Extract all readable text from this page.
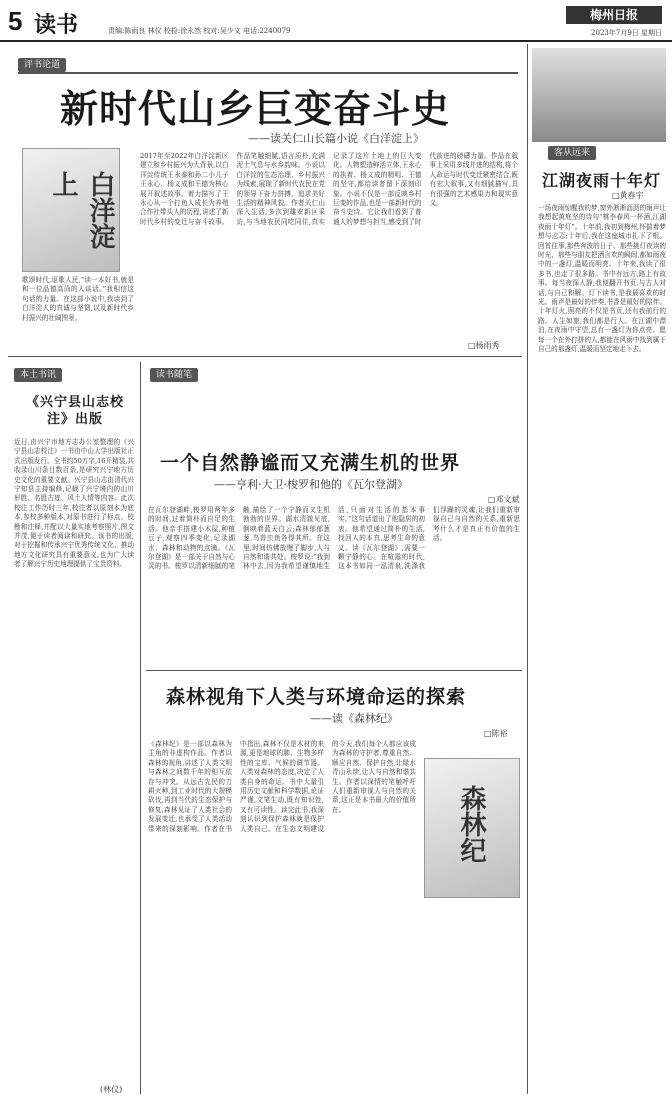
5 读书	责编:陈雨良 林仪 校检:徐永然 校对:吴少文 电话:2240079
梅州日报
2023年7月9日 星期日
评书论道
新时代山乡巨变奋斗史
——读关仁山长篇小说《白洋淀上》
白洋淀上
歌颂时代,讴歌人民,“读一本好书,就是和一位品德高尚的人谈话。”我相信这句话的力量。在这部小说中,我读到了白洋淀人的真诚与坚韧,以及新时代乡村振兴的壮阔图景。
2017年至2022年白洋淀新区建立和乡村振兴为大背景,以白洋淀传统王永泰和孙二小儿子王永心、杨义成和王德为核心展开叙述故事。着力描写了王永心从一个打鱼人成长为养殖合作社带头人的历程,讲述了新时代乡村的变迁与奋斗故事。作品笔触细腻,语言质朴,充满泥土气息与水乡韵味。小说以白洋淀的生态治理、乡村振兴为线索,展现了新时代农民在党的领导下奋力拼搏、追求美好生活的精神风貌。作者关仁山深入生活,多次到雄安新区采访,与当地农民同吃同住,真实记录了这片土地上的巨大变化。人物塑造鲜活立体,王永心的执着、杨义成的精明、王德的坚守,都给读者留下深刻印象。小说不仅是一部反映乡村巨变的作品,也是一部新时代的奋斗史诗。它让我们看到了普通人的梦想与担当,感受到了时代前进的磅礴力量。作品在叙事上采用多线并进的结构,将个人命运与时代变迁紧密结合,既有宏大叙事,又有细腻描写,具有很强的艺术感染力和现实意义。
□杨雨秀
客从远来
江湖夜雨十年灯
□黄春宇
一场夜雨惊醒我的梦,窗外淅淅沥沥的雨声让我想起黄庭坚的诗句“桃李春风一杯酒,江湖夜雨十年灯”。十年前,我初到梅州,怀揣着梦想与忐忑;十年后,我在这座城市扎下了根。回首往事,那些奔波的日子、那些挑灯夜读的时光、那些与朋友把酒言欢的瞬间,都如雨夜中的一盏灯,温暖而明亮。十年来,我读了很多书,也走了很多路。书中有远方,路上有故事。每当夜深人静,我便翻开书页,与古人对话,与自己和解。灯下读书,是我最喜欢的时光。雨声是最好的伴奏,书香是最好的陪伴。十年灯火,照亮的不仅是书页,还有我前行的路。人生如旅,我们都是行人。在江湖中漂泊,在夜雨中守望,总有一盏灯为你点亮。愿每一个在外打拼的人,都能在风雨中找到属于自己的那盏灯,温暖而坚定地走下去。
本土书讯
《兴宁县山志校注》出版
近日,由兴宁市地方志办公室整理的《兴宁县山志校注》一书由中山大学出版社正式出版发行。全书约50万字,16开精装,共收录山川条目数百条,是研究兴宁地方历史文化的重要文献。兴宁县山志由清代兴宁知县主持编修,记载了兴宁境内的山川形胜、名胜古迹、风土人情等内容。此次校注工作历时三年,校注者以原刻本为底本,参校多种版本,对原书进行了标点、校勘和注释,并配以大量实地考察照片,图文并茂,便于读者阅读和研究。该书的出版,对于挖掘和传承兴宁优秀传统文化、推动地方文化研究具有重要意义,也为广大读者了解兴宁历史地理提供了宝贵资料。
(林仪)
读书随笔
一个自然静谧而又充满生机的世界
——亨利·大卫·梭罗和他的《瓦尔登湖》
□邓文斌
在瓦尔登湖畔,梭罗用两年多的时间,过着简朴而自足的生活。他亲手搭建小木屋,种植豆子,观察四季变化,记录湖水、森林和动物的点滴。《瓦尔登湖》是一部关于自然与心灵的书。梭罗以清新细腻的笔触,描绘了一个宁静而又生机勃勃的世界。湖水清澈见底,倒映着蓝天白云;森林郁郁葱葱,鸟兽虫鱼各得其所。在这里,时间仿佛放慢了脚步,人与自然和谐共处。梭罗说:“我到林中去,因为我希望谨慎地生活,只面对生活的基本事实。”这句话道出了他隐居的初衷。他希望通过简朴的生活,找回人的本真,思考生命的意义。读《瓦尔登湖》,需要一颗宁静的心。在喧嚣的时代,这本书如同一泓清泉,洗涤我们浮躁的灵魂,让我们重新审视自己与自然的关系,重新思考什么才是真正有价值的生活。
森林视角下人类与环境命运的探索
——读《森林纪》
□陈裕
《森林纪》是一部以森林为主角的非虚构作品。作者以森林的视角,讲述了人类文明与森林之间数千年的相互依存与冲突。从远古先民的刀耕火种,到工业时代的大规模砍伐,再到当代的生态保护与修复,森林见证了人类社会的发展变迁,也承受了人类活动带来的深刻影响。作者在书中指出,森林不仅是木材的来源,更是地球的肺、生物多样性的宝库、气候的调节器。人类对森林的态度,决定了人类自身的命运。书中大量引用历史文献和科学数据,论证严谨,文笔生动,既有知识性,又有可读性。读完此书,我深刻认识到保护森林就是保护人类自己。在生态文明建设的今天,我们每个人都应该成为森林的守护者,尊重自然、顺应自然、保护自然,让绿水青山永续,让人与自然和谐共生。作者以深情的笔触呼吁人们重新审视人与自然的关系,这正是本书最大的价值所在。	森林纪
